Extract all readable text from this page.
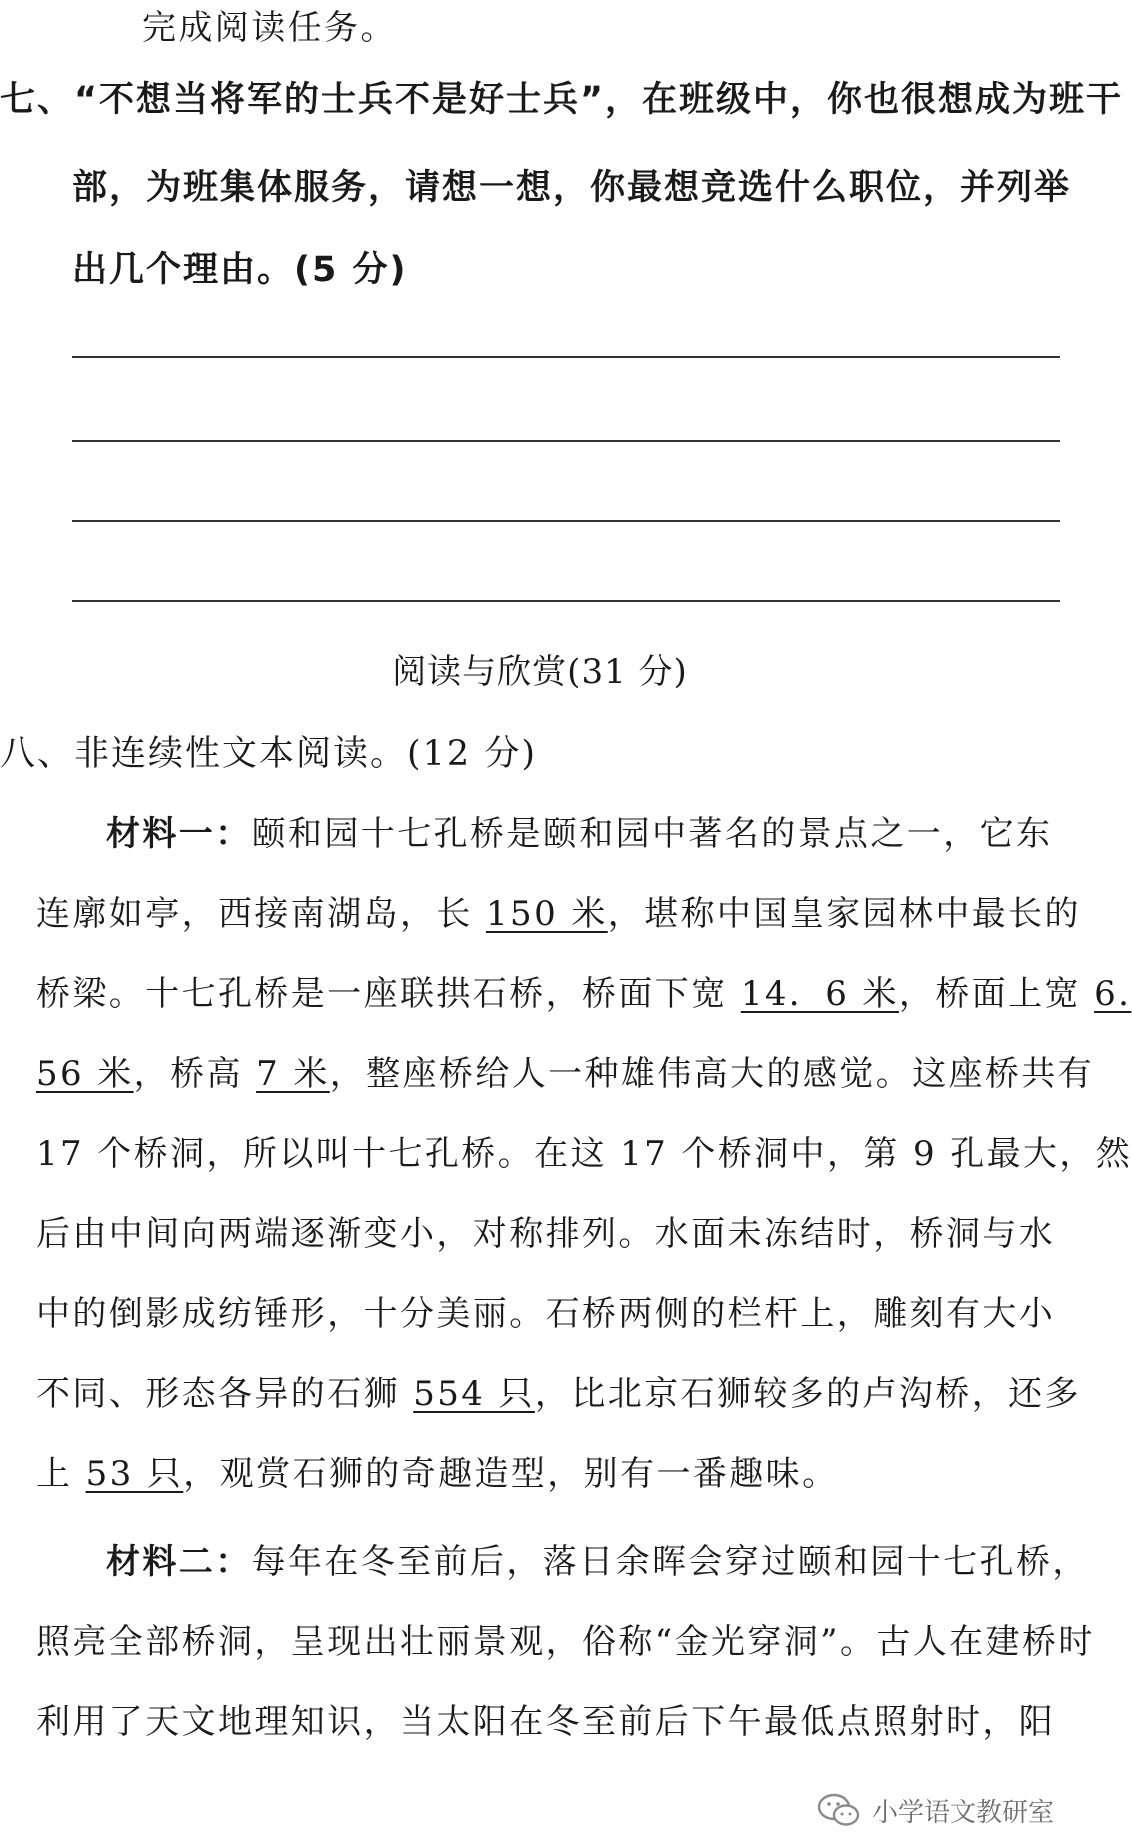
完成阅读任务。
七、“不想当将军的士兵不是好士兵”，在班级中，你也很想成为班干
部，为班集体服务，请想一想，你最想竞选什么职位，并列举
出几个理由。(5 分)
阅读与欣赏(31 分)
八、非连续性文本阅读。(12 分)
材料一：颐和园十七孔桥是颐和园中著名的景点之一，它东
连廓如亭，西接南湖岛，长 150 米，堪称中国皇家园林中最长的
桥梁。十七孔桥是一座联拱石桥，桥面下宽 14．6 米，桥面上宽 6.
56 米，桥高 7 米，整座桥给人一种雄伟高大的感觉。这座桥共有
17 个桥洞，所以叫十七孔桥。在这 17 个桥洞中，第 9 孔最大，然
后由中间向两端逐渐变小，对称排列。水面未冻结时，桥洞与水
中的倒影成纺锤形，十分美丽。石桥两侧的栏杆上，雕刻有大小
不同、形态各异的石狮 554 只，比北京石狮较多的卢沟桥，还多
上 53 只，观赏石狮的奇趣造型，别有一番趣味。
材料二：每年在冬至前后，落日余晖会穿过颐和园十七孔桥，
照亮全部桥洞，呈现出壮丽景观，俗称“金光穿洞”。古人在建桥时
利用了天文地理知识，当太阳在冬至前后下午最低点照射时，阳
小学语文教研室
